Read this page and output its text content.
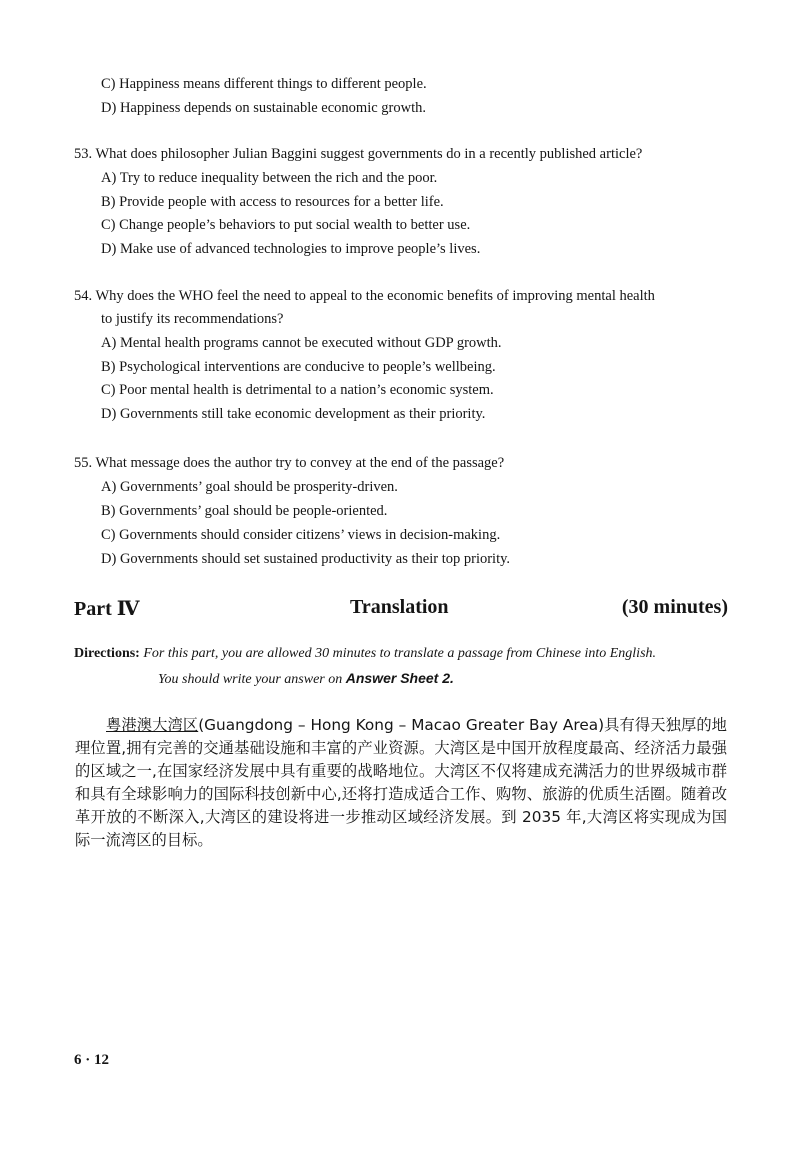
C) Happiness means different things to different people.
D) Happiness depends on sustainable economic growth.
53. What does philosopher Julian Baggini suggest governments do in a recently published article?
A) Try to reduce inequality between the rich and the poor.
B) Provide people with access to resources for a better life.
C) Change people’s behaviors to put social wealth to better use.
D) Make use of advanced technologies to improve people’s lives.
54. Why does the WHO feel the need to appeal to the economic benefits of improving mental health
to justify its recommendations?
A) Mental health programs cannot be executed without GDP growth.
B) Psychological interventions are conducive to people’s wellbeing.
C) Poor mental health is detrimental to a nation’s economic system.
D) Governments still take economic development as their priority.
55. What message does the author try to convey at the end of the passage?
A) Governments’ goal should be prosperity-driven.
B) Governments’ goal should be people-oriented.
C) Governments should consider citizens’ views in decision-making.
D) Governments should set sustained productivity as their top priority.
Part Ⅳ	Translation	(30 minutes)
Directions: For this part, you are allowed 30 minutes to translate a passage from Chinese into English.
You should write your answer on Answer Sheet 2.
粤港澳大湾区(Guangdong – Hong Kong – Macao Greater Bay Area)具有得天独厚的地理位置,拥有完善的交通基础设施和丰富的产业资源。大湾区是中国开放程度最高、经济活力最强的区域之一,在国家经济发展中具有重要的战略地位。大湾区不仅将建成充满活力的世界级城市群和具有全球影响力的国际科技创新中心,还将打造成适合工作、购物、旅游的优质生活圈。随着改革开放的不断深入,大湾区的建设将进一步推动区域经济发展。到 2035 年,大湾区将实现成为国际一流湾区的目标。
6 · 12
